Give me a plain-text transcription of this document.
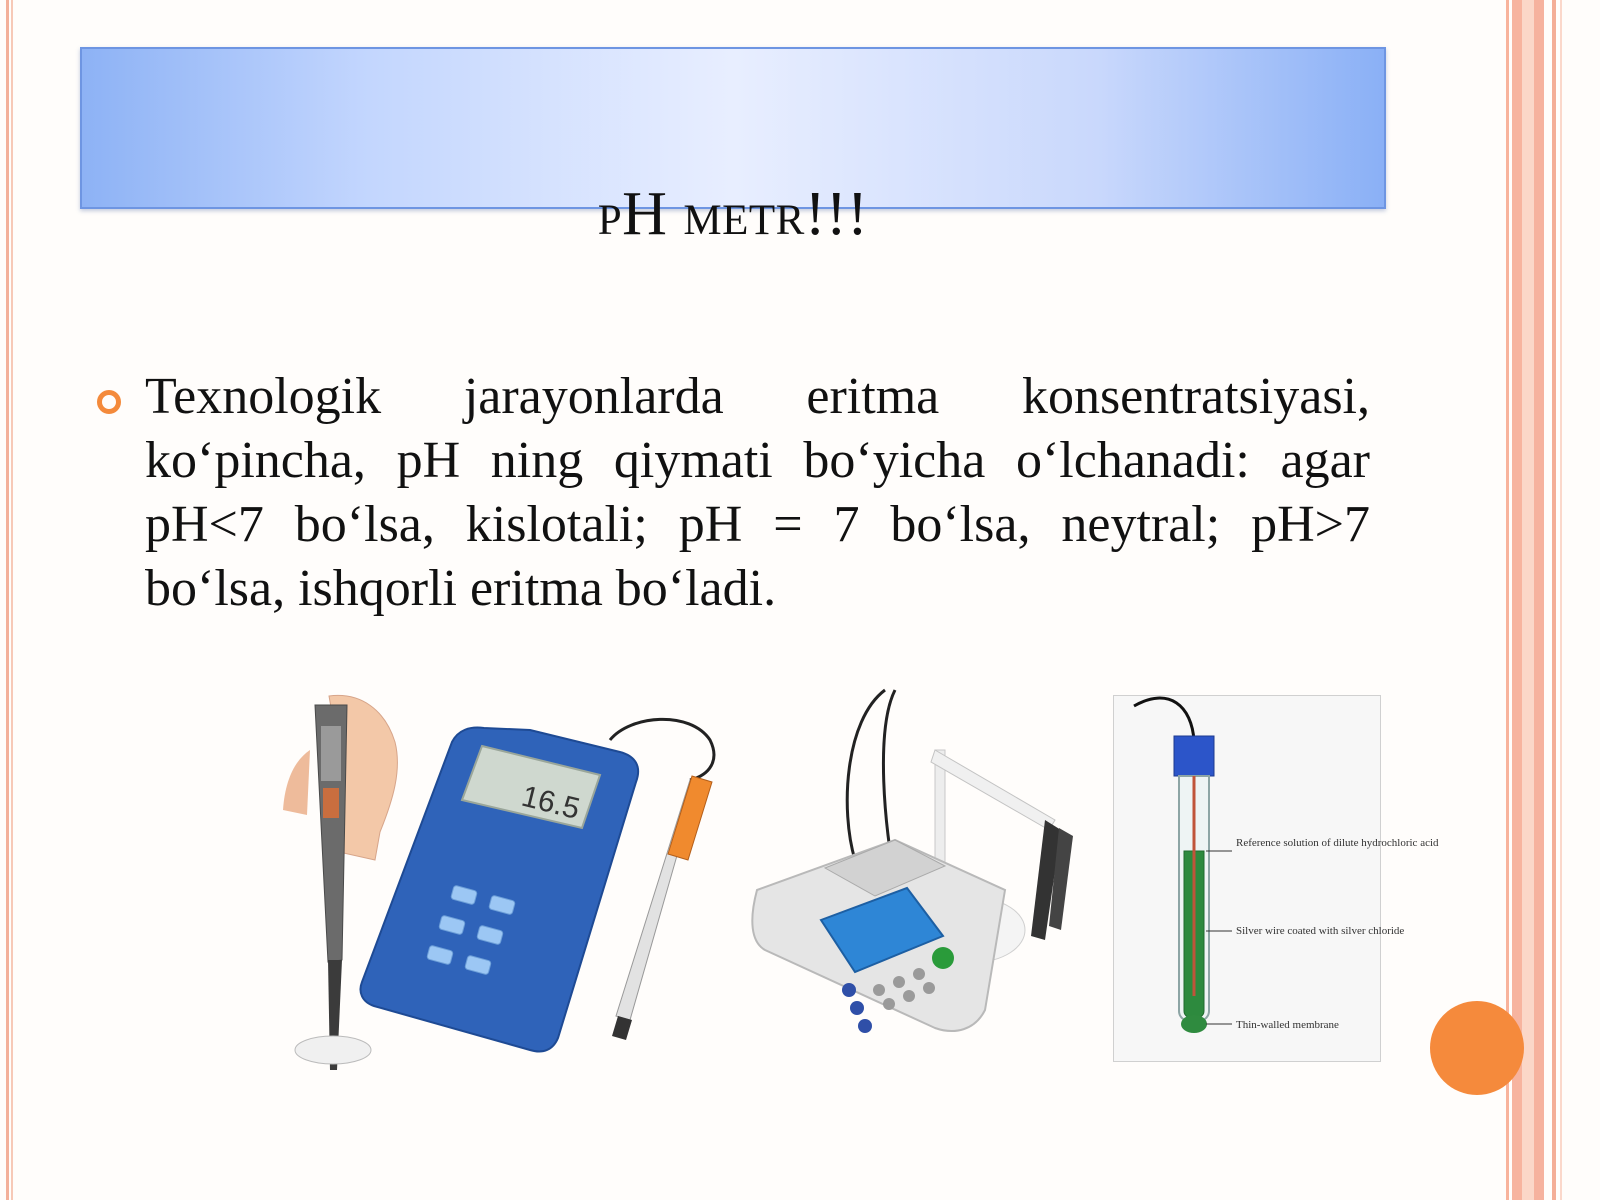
pH metr!!!

Texnologik jarayonlarda eritma konsentratsiyasi, ko‘pincha, pH ning qiymati bo‘yicha o‘lchanadi: agar pH<7 bo‘lsa, kislotali; pH = 7 bo‘lsa, neytral; pH>7 bo‘lsa, ishqorli eritma bo‘ladi.

16.5
Reference solution of dilute hydrochloric acid
Silver wire coated with silver chloride
Thin-walled membrane
